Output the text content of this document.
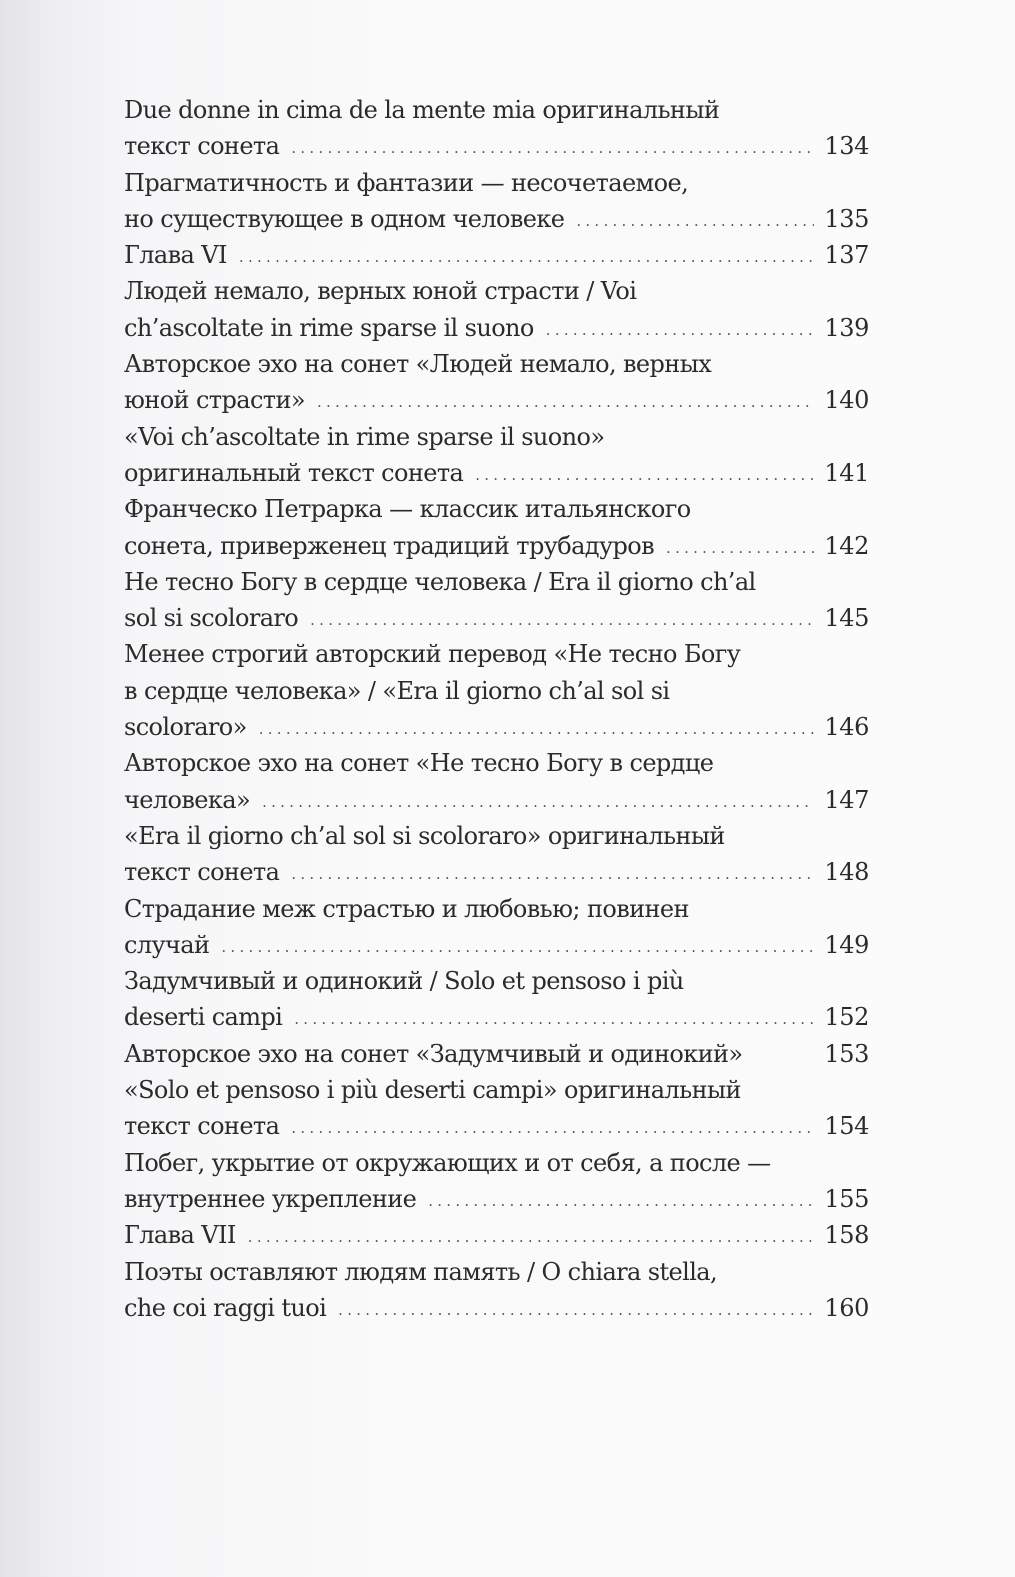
Due donne in cima de la mente mia оригинальный
текст сонета . . .	134
Прагматичность и фантазии — несочетаемое,
но существующее в одном человеке . . .	135
Глава VI . . .	137
Людей немало, верных юной страсти / Voi
ch’ascoltate in rime sparse il suono . . .	139
Авторское эхо на сонет «Людей немало, верных
юной страсти» . . .	140
«Voi ch’ascoltate in rime sparse il suono»
оригинальный текст сонета . . .	141
Франческо Петрарка — классик итальянского
сонета, приверженец традиций трубадуров . . .	142
Не тесно Богу в сердце человека / Era il giorno ch’al
sol si scoloraro . . .	145
Менее строгий авторский перевод «Не тесно Богу
в сердце человека» / «Era il giorno ch’al sol si
scoloraro» . . .	146
Авторское эхо на сонет «Не тесно Богу в сердце
человека» . . .	147
«Era il giorno ch’al sol si scoloraro» оригинальный
текст сонета . . .	148
Страдание меж страстью и любовью; повинен
случай . . .	149
Задумчивый и одинокий / Solo et pensoso i più
deserti campi . . .	152
Авторское эхо на сонет «Задумчивый и одинокий»	153
«Solo et pensoso i più deserti campi» оригинальный
текст сонета . . .	154
Побег, укрытие от окружающих и от себя, а после —
внутреннее укрепление . . .	155
Глава VII . . .	158
Поэты оставляют людям память / O chiara stella,
che coi raggi tuoi . . .	160
